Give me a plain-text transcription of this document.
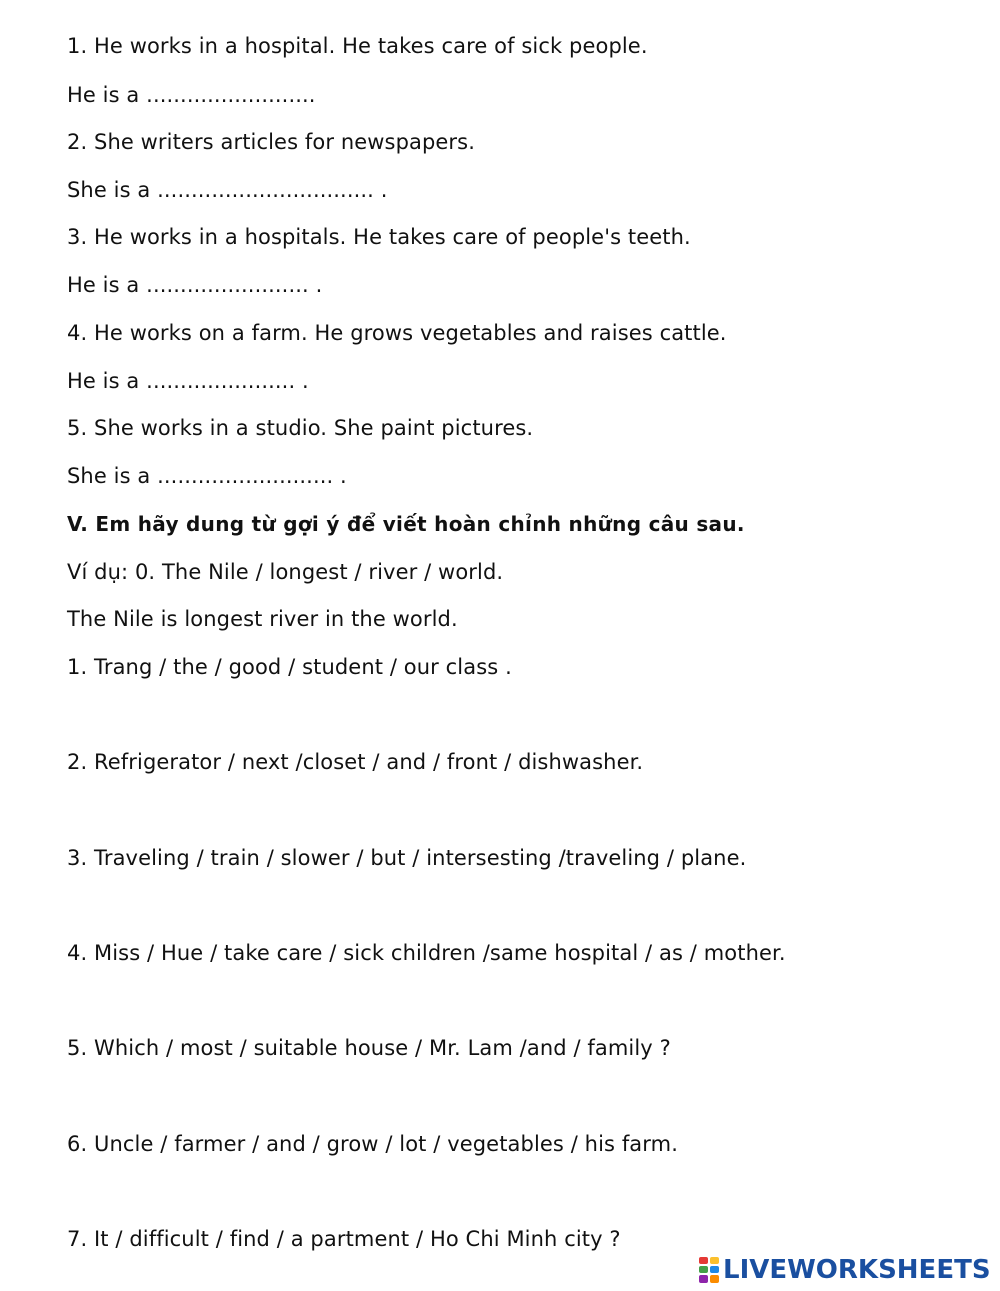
1. He works in a hospital. He takes care of sick people.
He is a .........................
2. She writers articles for newspapers.
She is a ................................ .
3. He works in a hospitals. He takes care of people's teeth.
He is a ........................ .
4. He works on a farm. He grows vegetables and raises cattle.
He is a ...................... .
5. She works in a studio. She paint pictures.
She is a .......................... .
V. Em hãy dung từ gợi ý để viết hoàn chỉnh những câu sau.
Ví dụ: 0. The Nile / longest / river / world.
The Nile is longest river in the world.
1. Trang / the / good / student / our class .
2. Refrigerator / next /closet / and / front / dishwasher.
3. Traveling / train / slower / but / intersesting /traveling / plane.
4. Miss / Hue / take care / sick children /same hospital / as / mother.
5. Which / most / suitable house / Mr. Lam /and / family ?
6. Uncle / farmer / and / grow / lot / vegetables / his farm.
7. It / difficult / find / a partment / Ho Chi Minh city ?
LIVEWORKSHEETS
